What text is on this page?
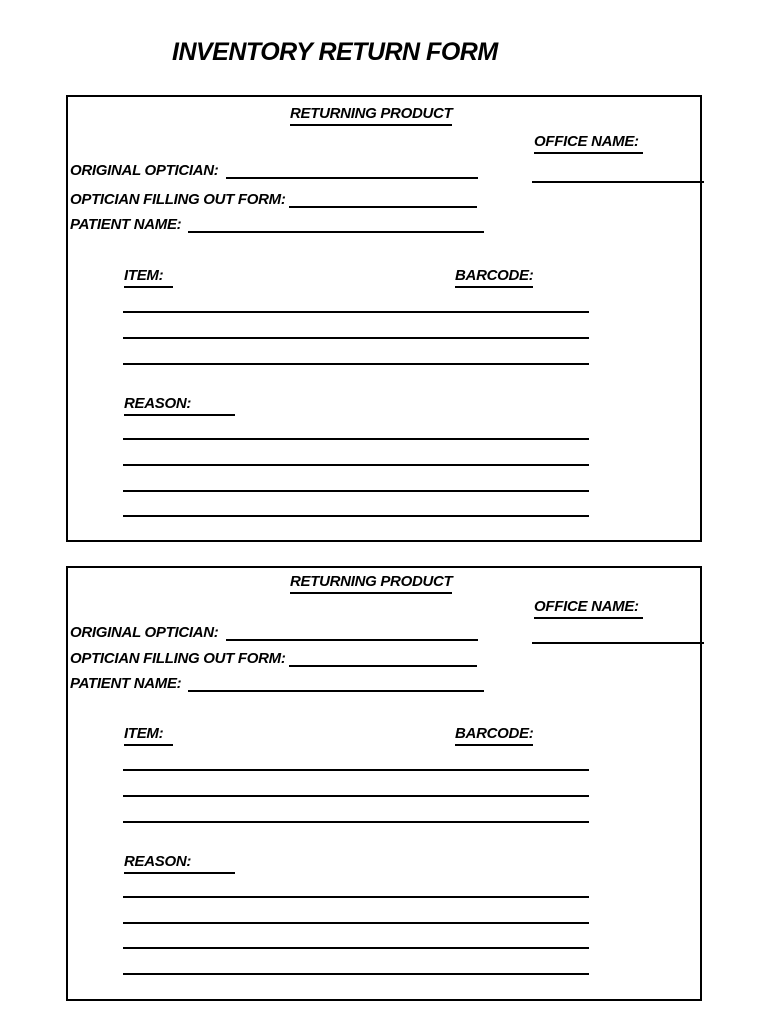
INVENTORY RETURN FORM
RETURNING PRODUCT
OFFICE NAME:
ORIGINAL OPTICIAN:
OPTICIAN FILLING OUT FORM:
PATIENT NAME:
ITEM:	BARCODE:
REASON:
RETURNING PRODUCT
OFFICE NAME:
ORIGINAL OPTICIAN:
OPTICIAN FILLING OUT FORM:
PATIENT NAME:
ITEM:	BARCODE:
REASON:
